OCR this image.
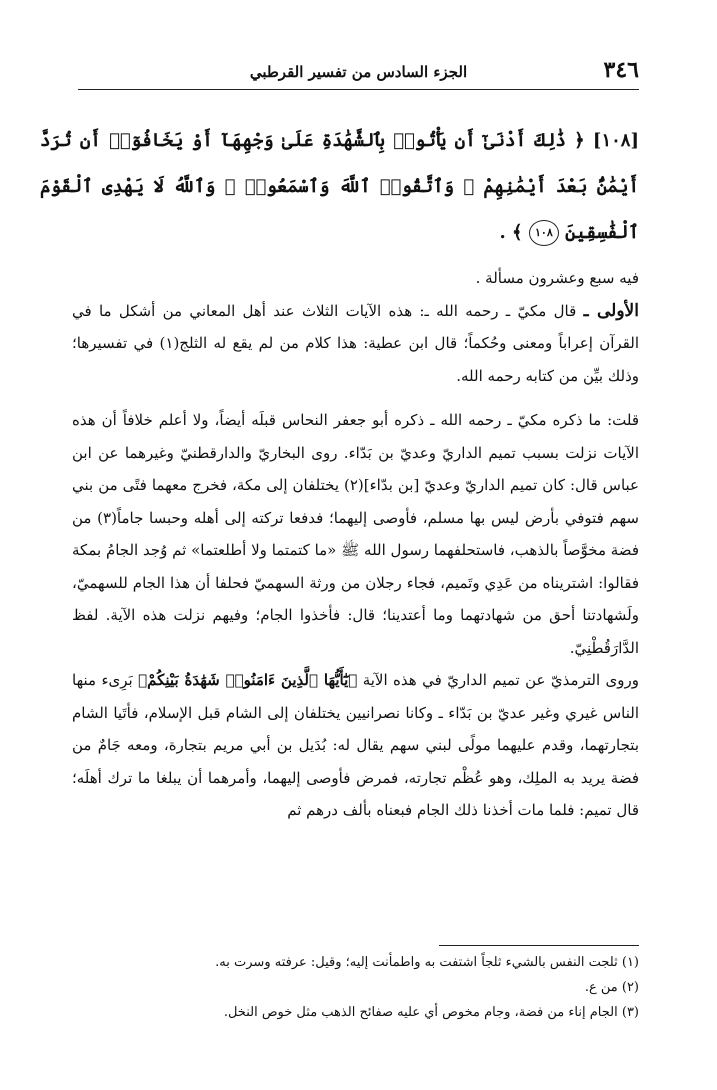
٣٤٦
الجزء السادس من تفسير القرطبي
[١٠٨] ﴿ ذَٰلِكَ أَدْنَىٰٓ أَن يَأْتُوا۟ بِٱلشَّهَٰدَةِ عَلَىٰ وَجْهِهَآ أَوْ يَخَافُوٓا۟ أَن تُرَدَّ أَيْمَٰنٌۢ بَعْدَ أَيْمَٰنِهِمْ ۗ وَٱتَّقُوا۟ ٱللَّهَ وَٱسْمَعُوا۟ ۗ وَٱللَّهُ لَا يَهْدِى ٱلْقَوْمَ ٱلْفَٰسِقِينَ ١٠٨ ﴾ .

فيه سبع وعشرون مسألة .

الأولى ـ قال مكيّ ـ رحمه الله ـ: هذه الآيات الثلاث عند أهل المعاني من أشكل ما في القرآن إعراباً ومعنى وحُكماً؛ قال ابن عطية: هذا كلام من لم يقع له الثلج(١) في تفسيرها؛ وذلك بيِّن من كتابه رحمه الله.

قلت: ما ذكره مكيّ ـ رحمه الله ـ ذكره أبو جعفر النحاس قبلَه أيضاً، ولا أعلم خلافاً أن هذه الآيات نزلت بسبب تميم الداريّ وعديّ بن بَدّاء. روى البخاريّ والدارقطنيّ وغيرهما عن ابن عباس قال: كان تميم الداريّ وعديّ [بن بدّاء](٢) يختلفان إلى مكة، فخرج معهما فتًى من بني سهم فتوفي بأرض ليس بها مسلم، فأوصى إليهما؛ فدفعا تركته إلى أهله وحبسا جاماً(٣) من فضة مخوَّصاً بالذهب، فاستحلفهما رسول الله ﷺ «ما كتمتما ولا أطلعتما» ثم وُجد الجامُ بمكة فقالوا: اشتريناه من عَدِي وتَميم، فجاء رجلان من ورثة السهميّ فحلفا أن هذا الجام للسهميّ، ولَشهادتنا أحق من شهادتهما وما أعتدينا؛ قال: فأخذوا الجام؛ وفيهم نزلت هذه الآية. لفظ الدَّارَقُطْنِيّ.

وروى الترمذيّ عن تميم الداريّ في هذه الآية ﴿يَٰٓأَيُّهَا ٱلَّذِينَ ءَامَنُوا۟ شَهَٰدَةُ بَيْنِكُمْ﴾ بَرِىء منها الناس غيري وغير عديّ بن بَدّاء ـ وكانا نصرانيين يختلفان إلى الشام قبل الإسلام، فأتَيا الشام بتجارتهما، وقدم عليهما مولًى لبني سهم يقال له: بُدَيل بن أبي مريم بتجارة، ومعه جَامٌ من فضة يريد به الملِك، وهو عُظْم تجارته، فمرض فأوصى إليهما، وأمرهما أن يبلغا ما ترك أهلَه؛ قال تميم: فلما مات أخذنا ذلك الجام فبعناه بألف درهم ثم

(١) ثلجت النفس بالشيء ثلجاً اشتفت به واطمأنت إليه؛ وقيل: عرفته وسرت به.
(٢) من ع.
(٣) الجام إناء من فضة، وجام مخوص أي عليه صفائح الذهب مثل خوص النخل.
